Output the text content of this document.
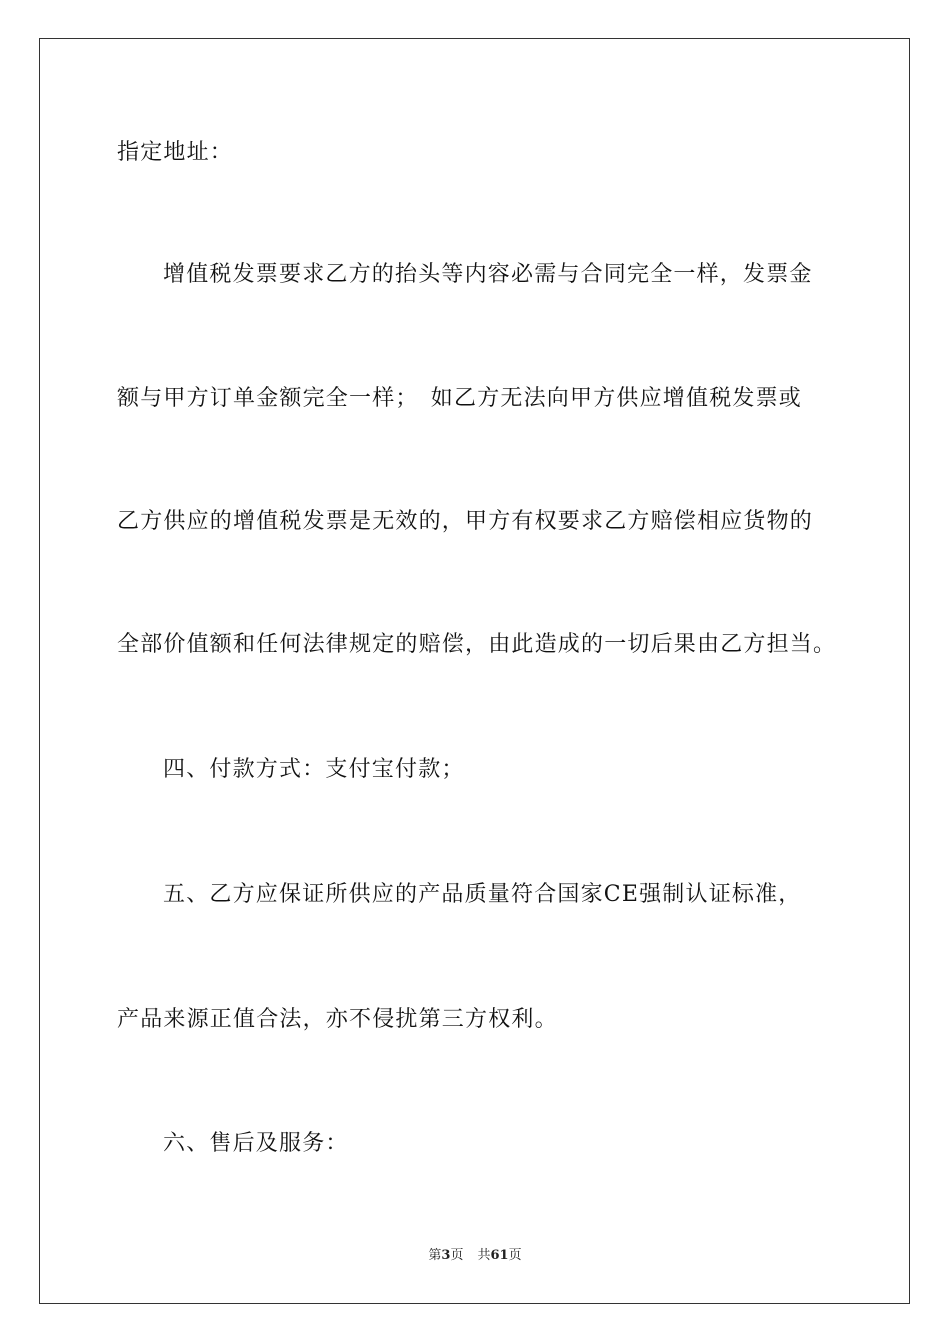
指定地址：
增值税发票要求乙方的抬头等内容必需与合同完全一样，发票金
额与甲方订单金额完全一样；　如乙方无法向甲方供应增值税发票或
乙方供应的增值税发票是无效的，甲方有权要求乙方赔偿相应货物的
全部价值额和任何法律规定的赔偿，由此造成的一切后果由乙方担当。
四、付款方式：支付宝付款；
五、乙方应保证所供应的产品质量符合国家CE强制认证标准，
产品来源正值合法，亦不侵扰第三方权利。
六、售后及服务：
第3页 共61页
